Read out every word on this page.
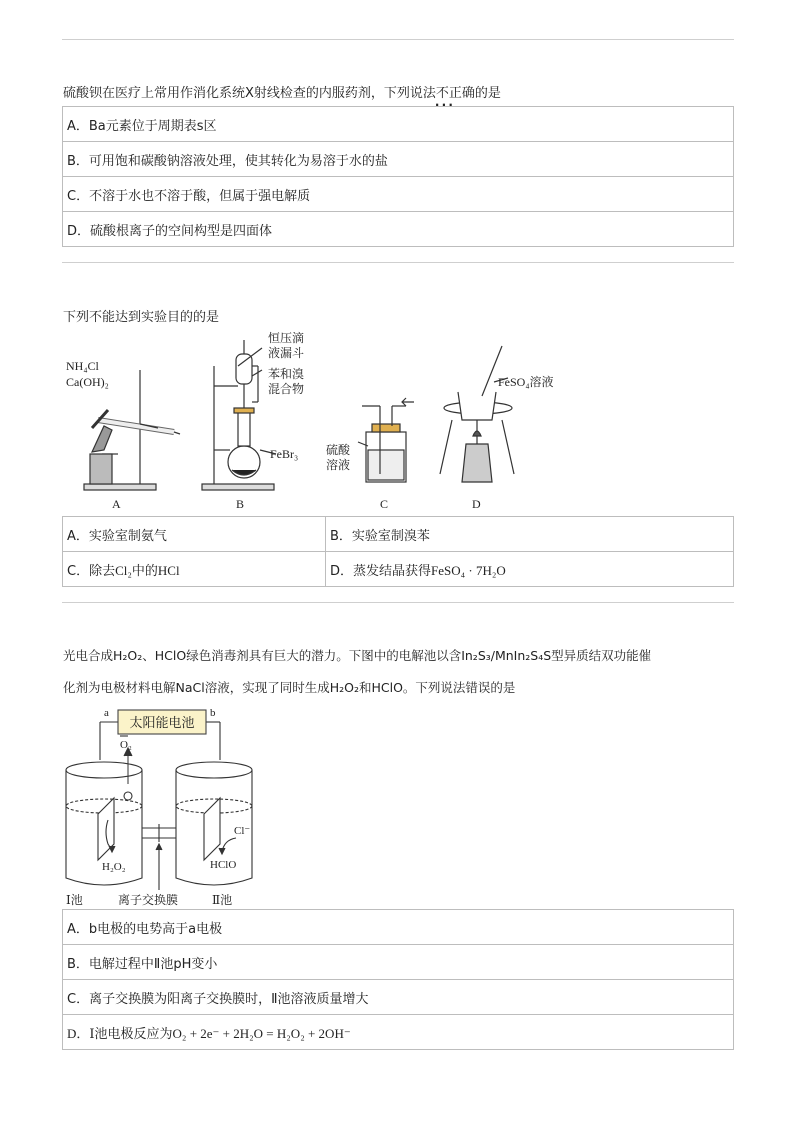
硫酸钡在医疗上常用作消化系统X射线检查的内服药剂，下列说法不正确 · · ·的是
A．Ba元素位于周期表s区
B．可用饱和碳酸钠溶液处理，使其转化为易溶于水的盐
C．不溶于水也不溶于酸，但属于强电解质
D．硫酸根离子的空间构型是四面体
下列不能达到实验目的的是
NH₄Cl
Ca(OH)₂
恒压滴
液漏斗
苯和溴
混合物
FeBr₃ 硫酸
溶液
FeSO₄溶液
A	B	C	D
A．实验室制氨气	B．实验室制溴苯
C．除去Cl₂中的HCl	D．蒸发结晶获得FeSO₄ · 7H₂O
光电合成H₂O₂、HClO绿色消毒剂具有巨大的潜力。下图中的电解池以含In₂S₃/MnIn₂S₄S型异质结双功能催
化剂为电极材料电解NaCl溶液，实现了同时生成H₂O₂和HClO。下列说法错误的是
太阳能电池
a	b
O₂
H₂O₂
Cl⁻
HClO
Ⅰ池	离子交换膜	Ⅱ池
A．b电极的电势高于a电极
B．电解过程中Ⅱ池pH变小
C．离子交换膜为阳离子交换膜时，Ⅱ池溶液质量增大
D．Ⅰ池电极反应为O₂ + 2e⁻ + 2H₂O = H₂O₂ + 2OH⁻
